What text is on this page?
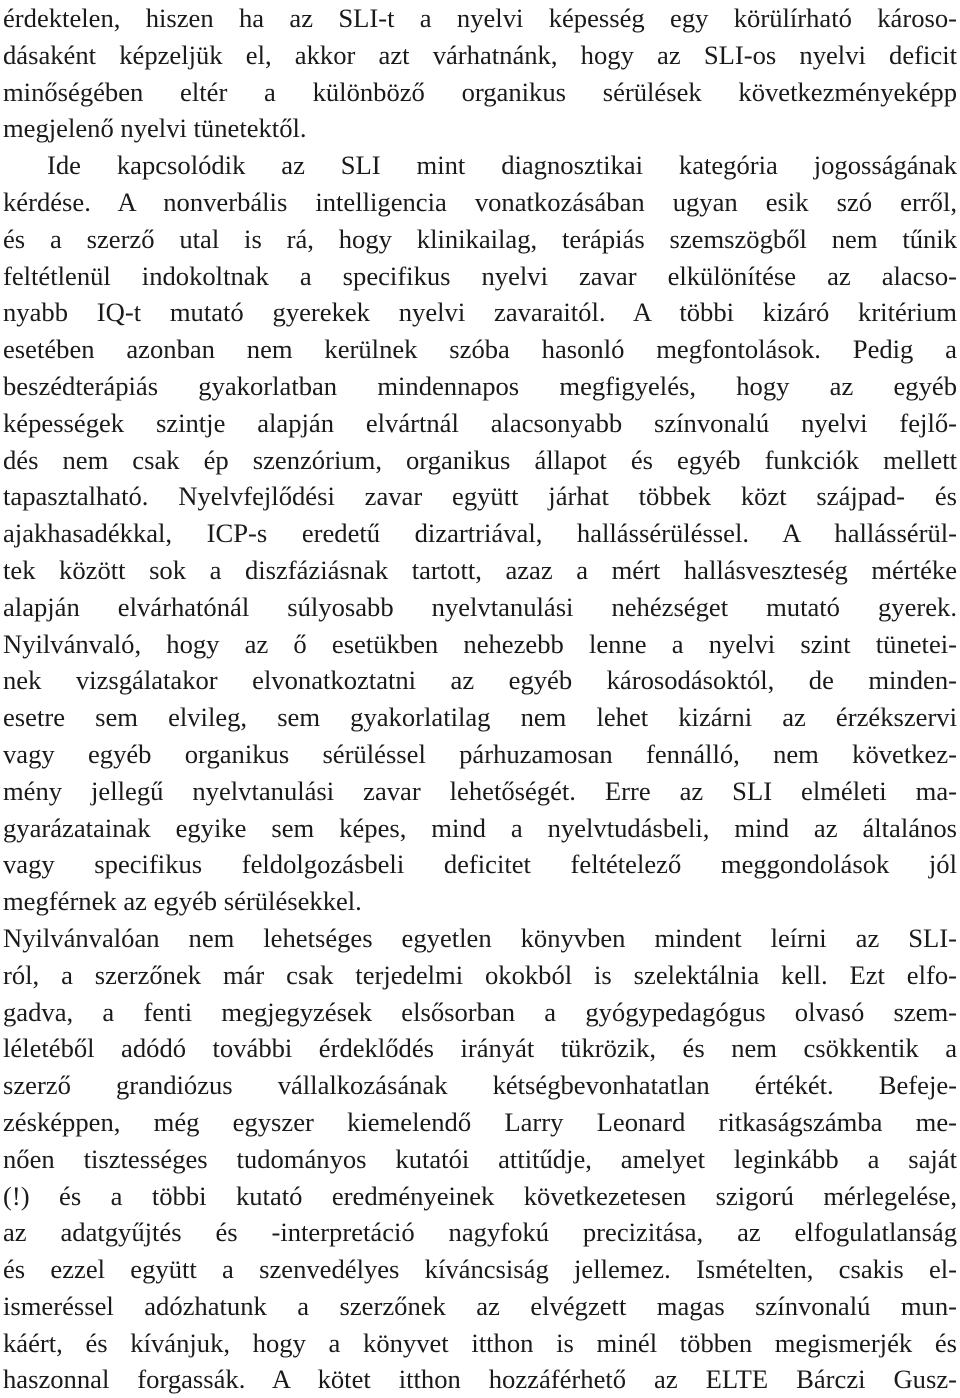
érdektelen, hiszen ha az SLI-t a nyelvi képesség egy körülírható károso-
dásaként képzeljük el, akkor azt várhatnánk, hogy az SLI-os nyelvi deficit
minőségében eltér a különböző organikus sérülések következményeképp
megjelenő nyelvi tünetektől.
Ide kapcsolódik az SLI mint diagnosztikai kategória jogosságának
kérdése. A nonverbális intelligencia vonatkozásában ugyan esik szó erről,
és a szerző utal is rá, hogy klinikailag, terápiás szemszögből nem tűnik
feltétlenül indokoltnak a specifikus nyelvi zavar elkülönítése az alacso-
nyabb IQ-t mutató gyerekek nyelvi zavaraitól. A többi kizáró kritérium
esetében azonban nem kerülnek szóba hasonló megfontolások. Pedig a
beszédterápiás gyakorlatban mindennapos megfigyelés, hogy az egyéb
képességek szintje alapján elvártnál alacsonyabb színvonalú nyelvi fejlő-
dés nem csak ép szenzórium, organikus állapot és egyéb funkciók mellett
tapasztalható. Nyelvfejlődési zavar együtt járhat többek közt szájpad- és
ajakhasadékkal, ICP-s eredetű dizartriával, hallássérüléssel. A hallássérül-
tek között sok a diszfáziásnak tartott, azaz a mért hallásveszteség mértéke
alapján elvárhatónál súlyosabb nyelvtanulási nehézséget mutató gyerek.
Nyilvánvaló, hogy az ő esetükben nehezebb lenne a nyelvi szint tünetei-
nek vizsgálatakor elvonatkoztatni az egyéb károsodásoktól, de minden-
esetre sem elvileg, sem gyakorlatilag nem lehet kizárni az érzékszervi
vagy egyéb organikus sérüléssel párhuzamosan fennálló, nem következ-
mény jellegű nyelvtanulási zavar lehetőségét. Erre az SLI elméleti ma-
gyarázatainak egyike sem képes, mind a nyelvtudásbeli, mind az általános
vagy specifikus feldolgozásbeli deficitet feltételező meggondolások jól
megférnek az egyéb sérülésekkel.
Nyilvánvalóan nem lehetséges egyetlen könyvben mindent leírni az SLI-
ról, a szerzőnek már csak terjedelmi okokból is szelektálnia kell. Ezt elfo-
gadva, a fenti megjegyzések elsősorban a gyógypedagógus olvasó szem-
léletéből adódó további érdeklődés irányát tükrözik, és nem csökkentik a
szerző grandiózus vállalkozásának kétségbevonhatatlan értékét. Befeje-
zésképpen, még egyszer kiemelendő Larry Leonard ritkaságszámba me-
nően tisztességes tudományos kutatói attitűdje, amelyet leginkább a saját
(!) és a többi kutató eredményeinek következetesen szigorú mérlegelése,
az adatgyűjtés és -interpretáció nagyfokú precizitása, az elfogulatlanság
és ezzel együtt a szenvedélyes kíváncsiság jellemez. Ismételten, csakis el-
ismeréssel adózhatunk a szerzőnek az elvégzett magas színvonalú mun-
káért, és kívánjuk, hogy a könyvet itthon is minél többen megismerjék és
haszonnal forgassák. A kötet itthon hozzáférhető az ELTE Bárczi Gusz-
